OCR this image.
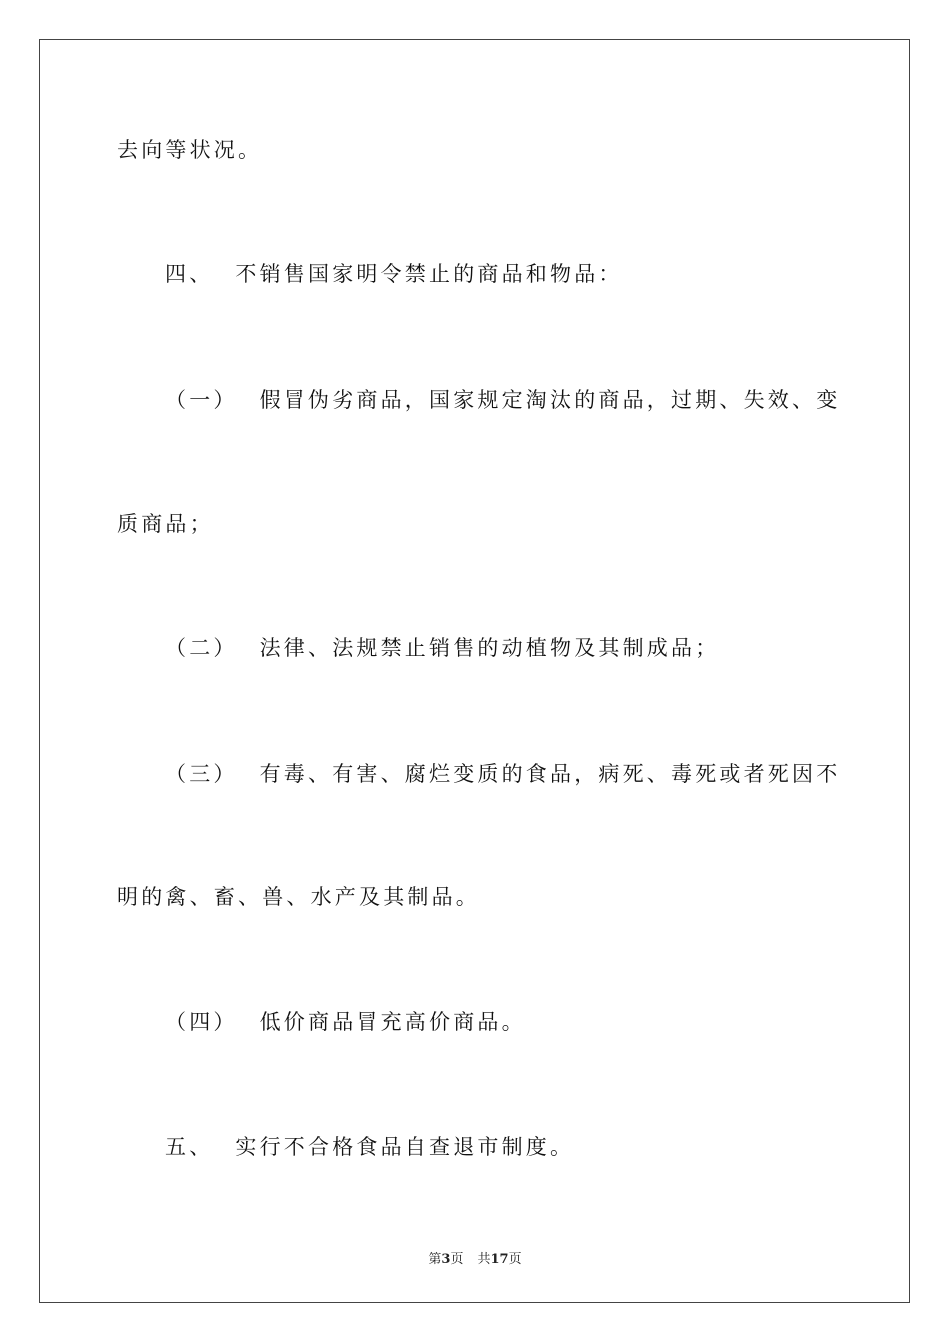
去向等状况。
四、 不销售国家明令禁止的商品和物品：
（一） 假冒伪劣商品，国家规定淘汰的商品，过期、失效、变
质商品；
（二） 法律、法规禁止销售的动植物及其制成品；
（三） 有毒、有害、腐烂变质的食品，病死、毒死或者死因不
明的禽、畜、兽、水产及其制品。
（四） 低价商品冒充高价商品。
五、 实行不合格食品自查退市制度。
第3页 共17页
